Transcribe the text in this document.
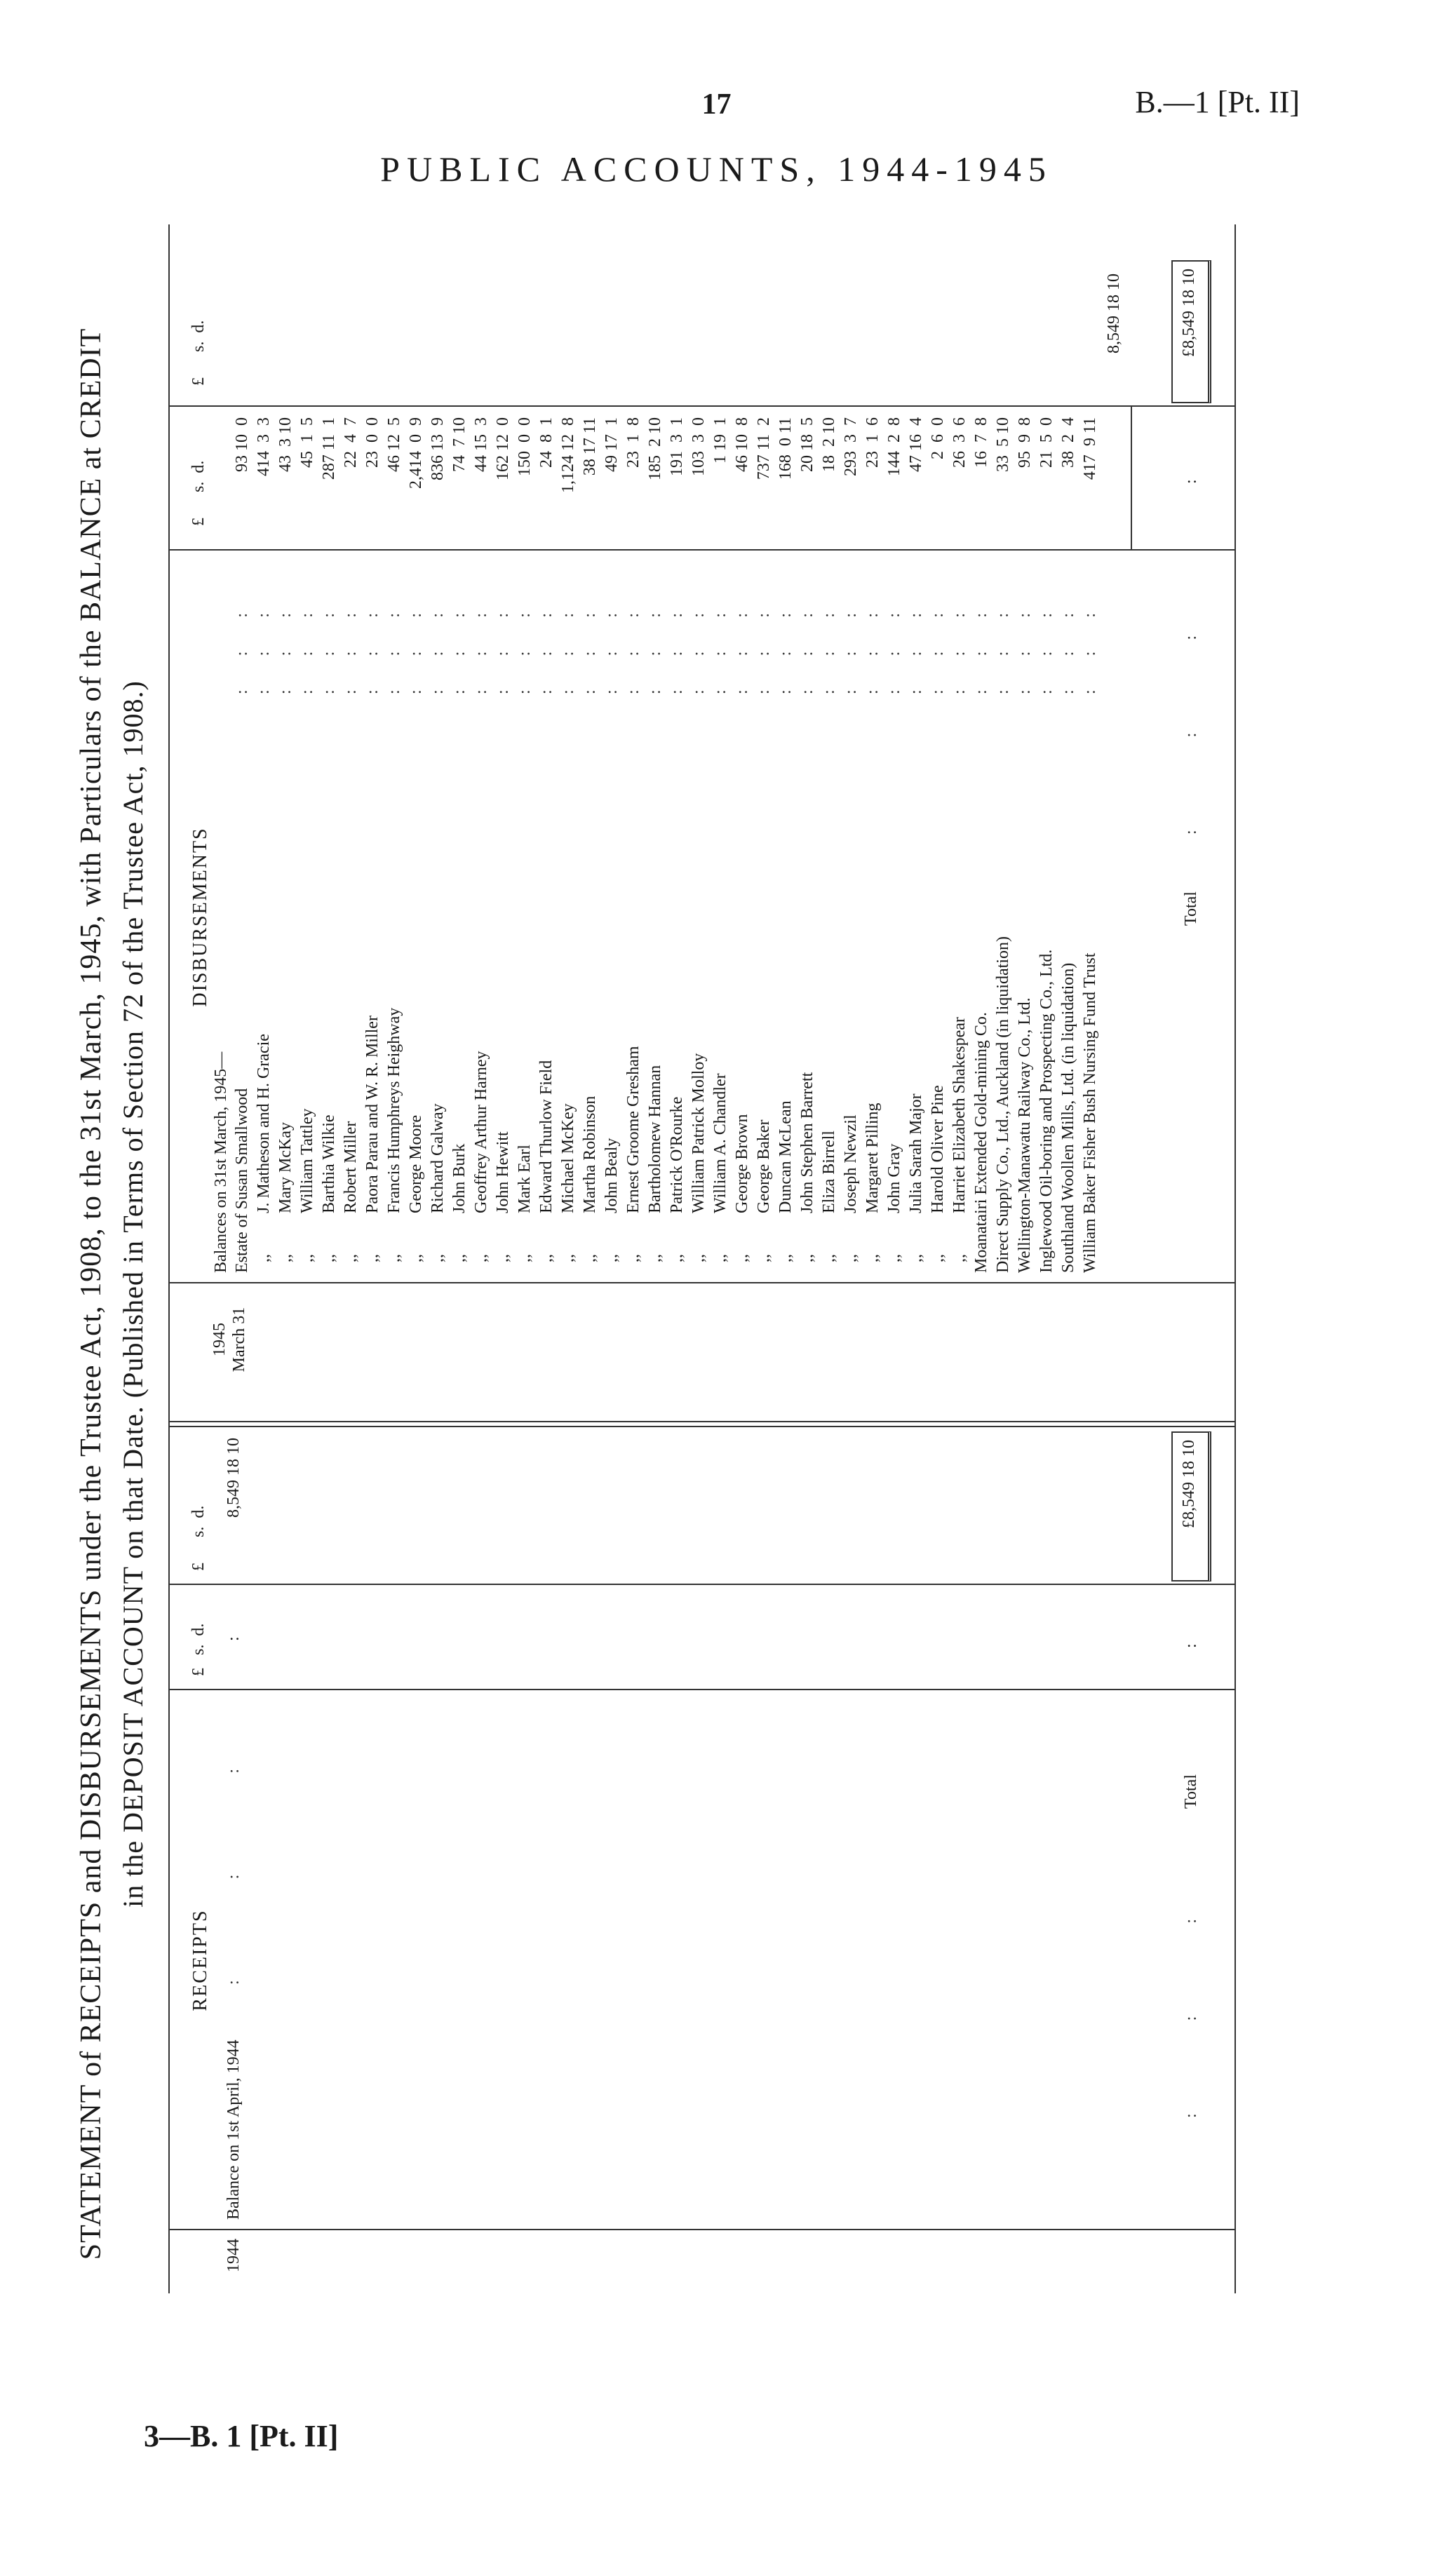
17	B.—1 [Pt. II]
PUBLIC ACCOUNTS, 1944-1945
STATEMENT of RECEIPTS and DISBURSEMENTS under the Trustee Act, 1908, to the 31st March, 1945, with Particulars of the BALANCE at CREDIT in the DEPOSIT ACCOUNT on that Date. (Published in Terms of Section 72 of the Trustee Act, 1908.)
RECEIPTS
£   s.  d.
£      s.  d.
1944
Balance on 1st April, 1944
:                        :                        :
:
8,549 18 10
Total
:                      :                      :
:
£8,549 18 10
1945 March 31
DISBURSEMENTS
£      s.  d.
£      s.  d.
Balances on 31st March, 1945— Estate of Susan Smallwood
:        :        :
93 10  0
,,
J. Matheson and H. Gracie
:        :        :
414  3  3
,,
Mary McKay
:        :        :
43  3 10
,,
William Tattley
:        :        :
45  1  5
,,
Barthia Wilkie
:        :        :
287 11  1
,,
Robert Miller
:        :        :
22  4  7
,,
Paora Parau and W. R. Miller
:        :        :
23  0  0
,,
Francis Humphreys Heighway
:        :        :
46 12  5
,,
George Moore
:        :        :
2,414  0  9
,,
Richard Galway
:        :        :
836 13  9
,,
John Burk
:        :        :
74  7 10
,,
Geoffrey Arthur Harney
:        :        :
44 15  3
,,
John Hewitt
:        :        :
162 12  0
,,
Mark Earl
:        :        :
150  0  0
,,
Edward Thurlow Field
:        :        :
24  8  1
,,
Michael McKey
:        :        :
1,124 12  8
,,
Martha Robinson
:        :        :
38 17 11
,,
John Bealy
:        :        :
49 17  1
,,
Ernest Groome Gresham
:        :        :
23  1  8
,,
Bartholomew Hannan
:        :        :
185  2 10
,,
Patrick O'Rourke
:        :        :
191  3  1
,,
William Patrick Molloy
:        :        :
103  3  0
,,
William A. Chandler
:        :        :
1 19  1
,,
George Brown
:        :        :
46 10  8
,,
George Baker
:        :        :
737 11  2
,,
Duncan McLean
:        :        :
168  0 11
,,
John Stephen Barrett
:        :        :
20 18  5
,,
Eliza Birrell
:        :        :
18  2 10
,,
Joseph Newzil
:        :        :
293  3  7
,,
Margaret Pilling
:        :        :
23  1  6
,,
John Gray
:        :        :
144  2  8
,,
Julia Sarah Major
:        :        :
47 16  4
,,
Harold Oliver Pine
:        :        :
2  6  0
,,
Harriet Elizabeth Shakespear
:        :        :
26  3  6
Moanatairi Extended Gold-mining Co.
:        :        :
16  7  8
Direct Supply Co., Ltd., Auckland (in liquidation)
:        :        :
33  5 10
Wellington-Manawatu Railway Co., Ltd.
:        :        :
95  9  8
Inglewood Oil-boring and Prospecting Co., Ltd.
:        :        :
21  5  0
Southland Woollen Mills, Ltd. (in liquidation)
:        :        :
38  2  4
William Baker Fisher Bush Nursing Fund Trust
:        :        :
417  9 11
8,549 18 10
Total
:                      :                      :
:
£8,549 18 10
3—B. 1 [Pt. II]
